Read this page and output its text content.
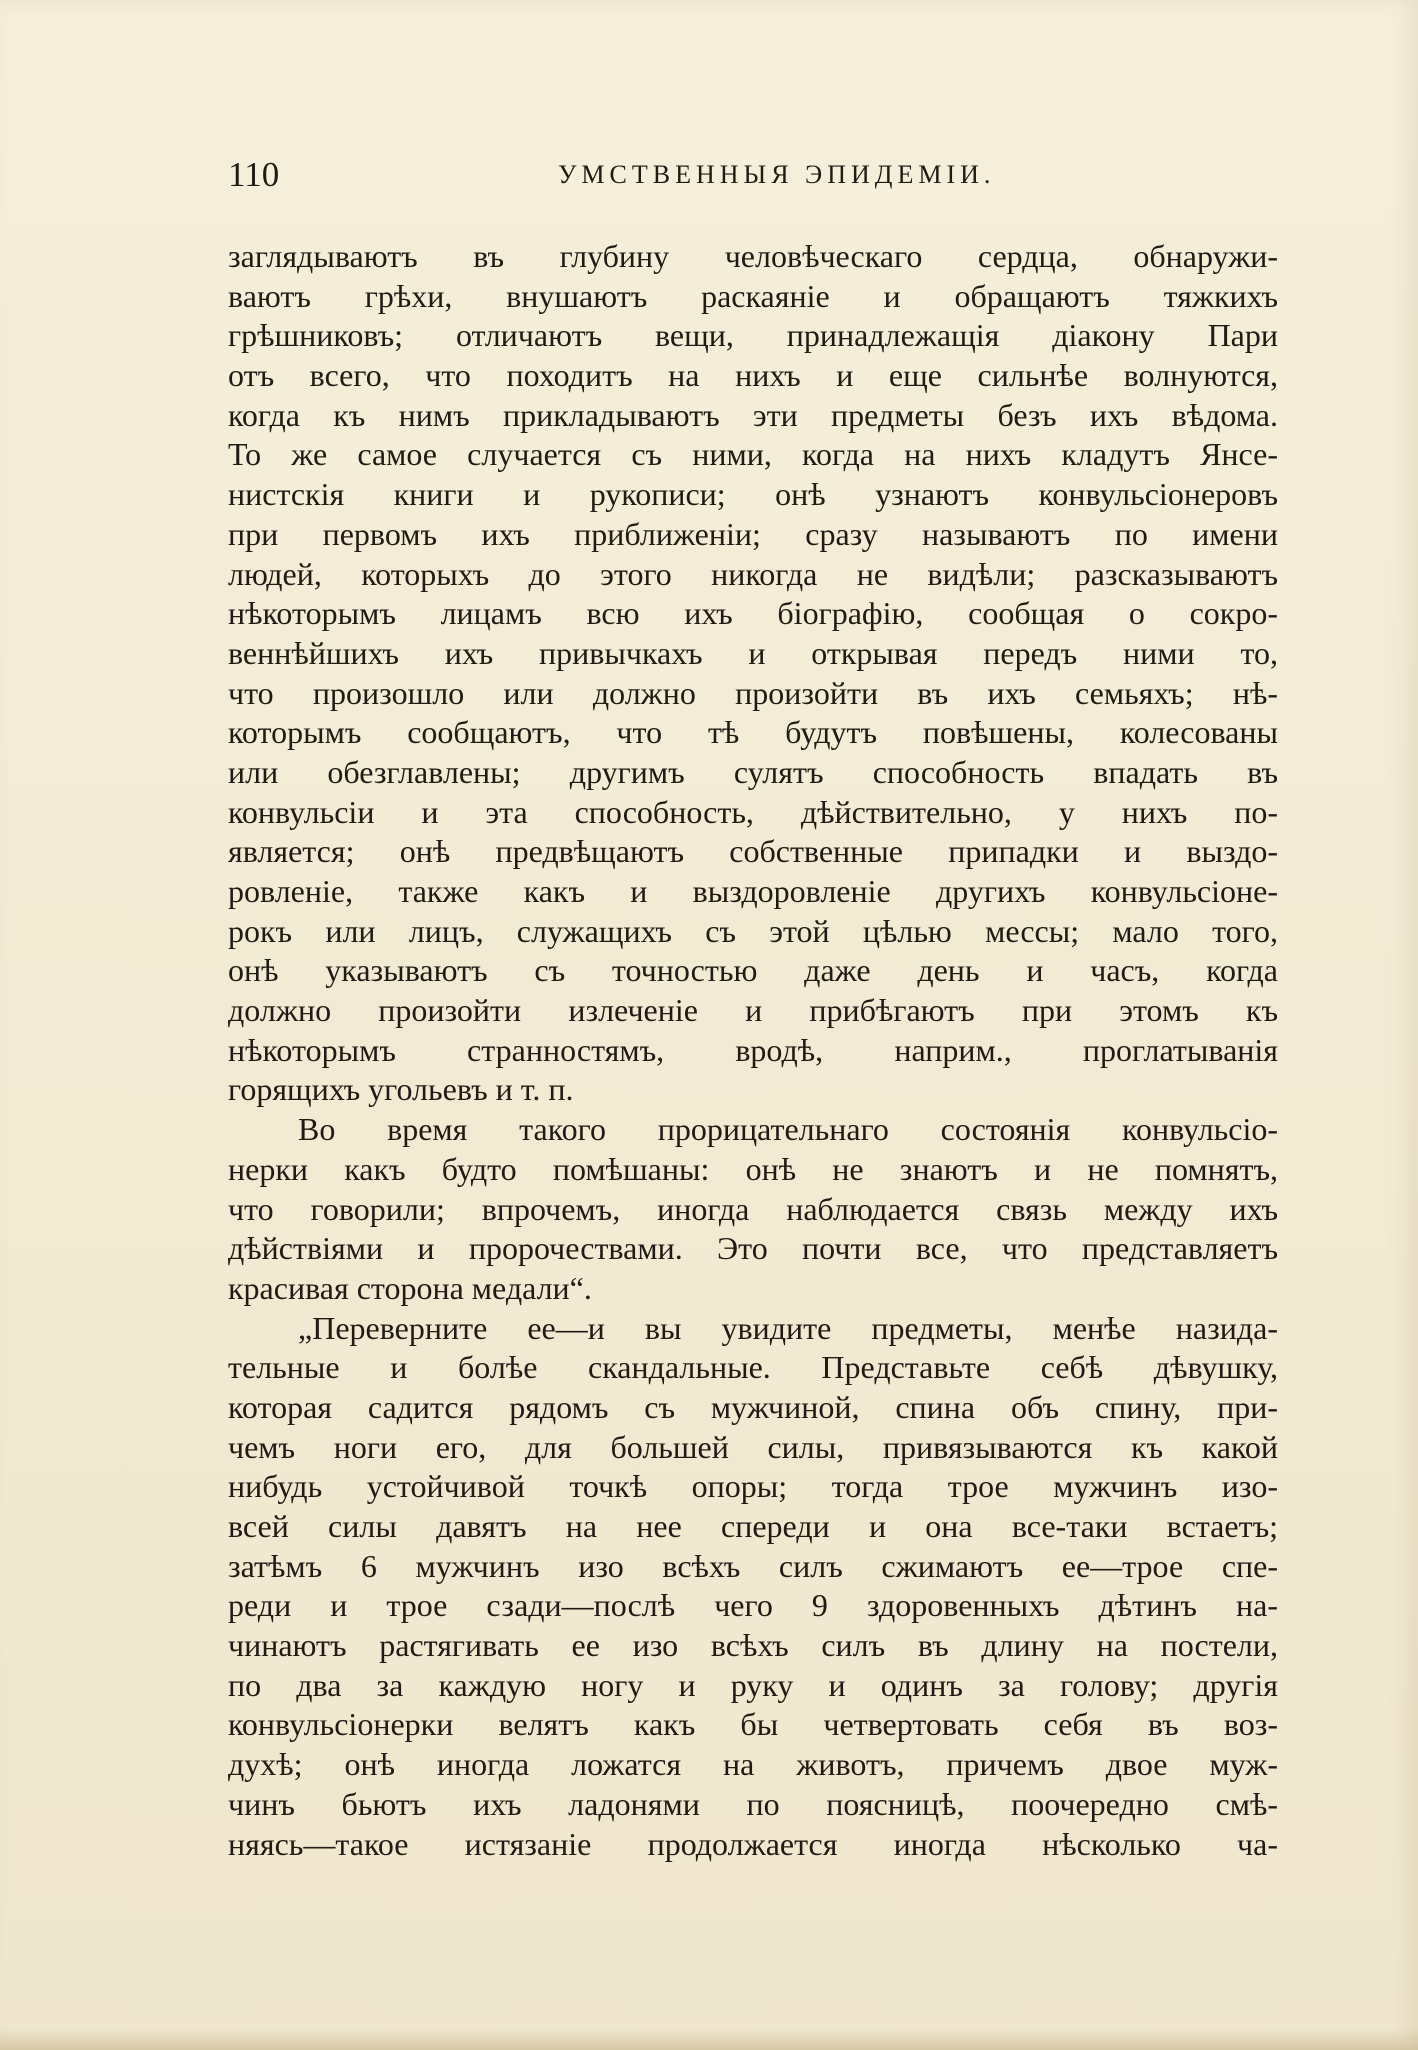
110	УМСТВЕННЫЯ ЭПИДЕМІИ.
заглядываютъ въ глубину человѣческаго сердца, обнаружи-
ваютъ грѣхи, внушаютъ раскаяніе и обращаютъ тяжкихъ
грѣшниковъ; отличаютъ вещи, принадлежащія діакону Пари
отъ всего, что походитъ на нихъ и еще сильнѣе волнуются,
когда къ нимъ прикладываютъ эти предметы безъ ихъ вѣдома.
То же самое случается съ ними, когда на нихъ кладутъ Янсе-
нистскія книги и рукописи; онѣ узнаютъ конвульсіонеровъ
при первомъ ихъ приближеніи; сразу называютъ по имени
людей, которыхъ до этого никогда не видѣли; разсказываютъ
нѣкоторымъ лицамъ всю ихъ біографію, сообщая о сокро-
веннѣйшихъ ихъ привычкахъ и открывая передъ ними то,
что произошло или должно произойти въ ихъ семьяхъ; нѣ-
которымъ сообщаютъ, что тѣ будутъ повѣшены, колесованы
или обезглавлены; другимъ сулятъ способность впадать въ
конвульсіи и эта способность, дѣйствительно, у нихъ по-
является; онѣ предвѣщаютъ собственные припадки и выздо-
ровленіе, также какъ и выздоровленіе другихъ конвульсіоне-
рокъ или лицъ, служащихъ съ этой цѣлью мессы; мало того,
онѣ указываютъ съ точностью даже день и часъ, когда
должно произойти излеченіе и прибѣгаютъ при этомъ къ
нѣкоторымъ странностямъ, вродѣ, наприм., проглатыванія
горящихъ угольевъ и т. п.
Во время такого прорицательнаго состоянія конвульсіо-
нерки какъ будто помѣшаны: онѣ не знаютъ и не помнятъ,
что говорили; впрочемъ, иногда наблюдается связь между ихъ
дѣйствіями и пророчествами. Это почти все, что представляетъ
красивая сторона медали“.
„Переверните ее—и вы увидите предметы, менѣе назида-
тельные и болѣе скандальные. Представьте себѣ дѣвушку,
которая садится рядомъ съ мужчиной, спина объ спину, при-
чемъ ноги его, для большей силы, привязываются къ какой
нибудь устойчивой точкѣ опоры; тогда трое мужчинъ изо-
всей силы давятъ на нее спереди и она все-таки встаетъ;
затѣмъ 6 мужчинъ изо всѣхъ силъ сжимаютъ ее—трое спе-
реди и трое сзади—послѣ чего 9 здоровенныхъ дѣтинъ на-
чинаютъ растягивать ее изо всѣхъ силъ въ длину на постели,
по два за каждую ногу и руку и одинъ за голову; другія
конвульсіонерки велятъ какъ бы четвертовать себя въ воз-
духѣ; онѣ иногда ложатся на животъ, причемъ двое муж-
чинъ бьютъ ихъ ладонями по поясницѣ, поочередно смѣ-
няясь—такое истязаніе продолжается иногда нѣсколько ча-
